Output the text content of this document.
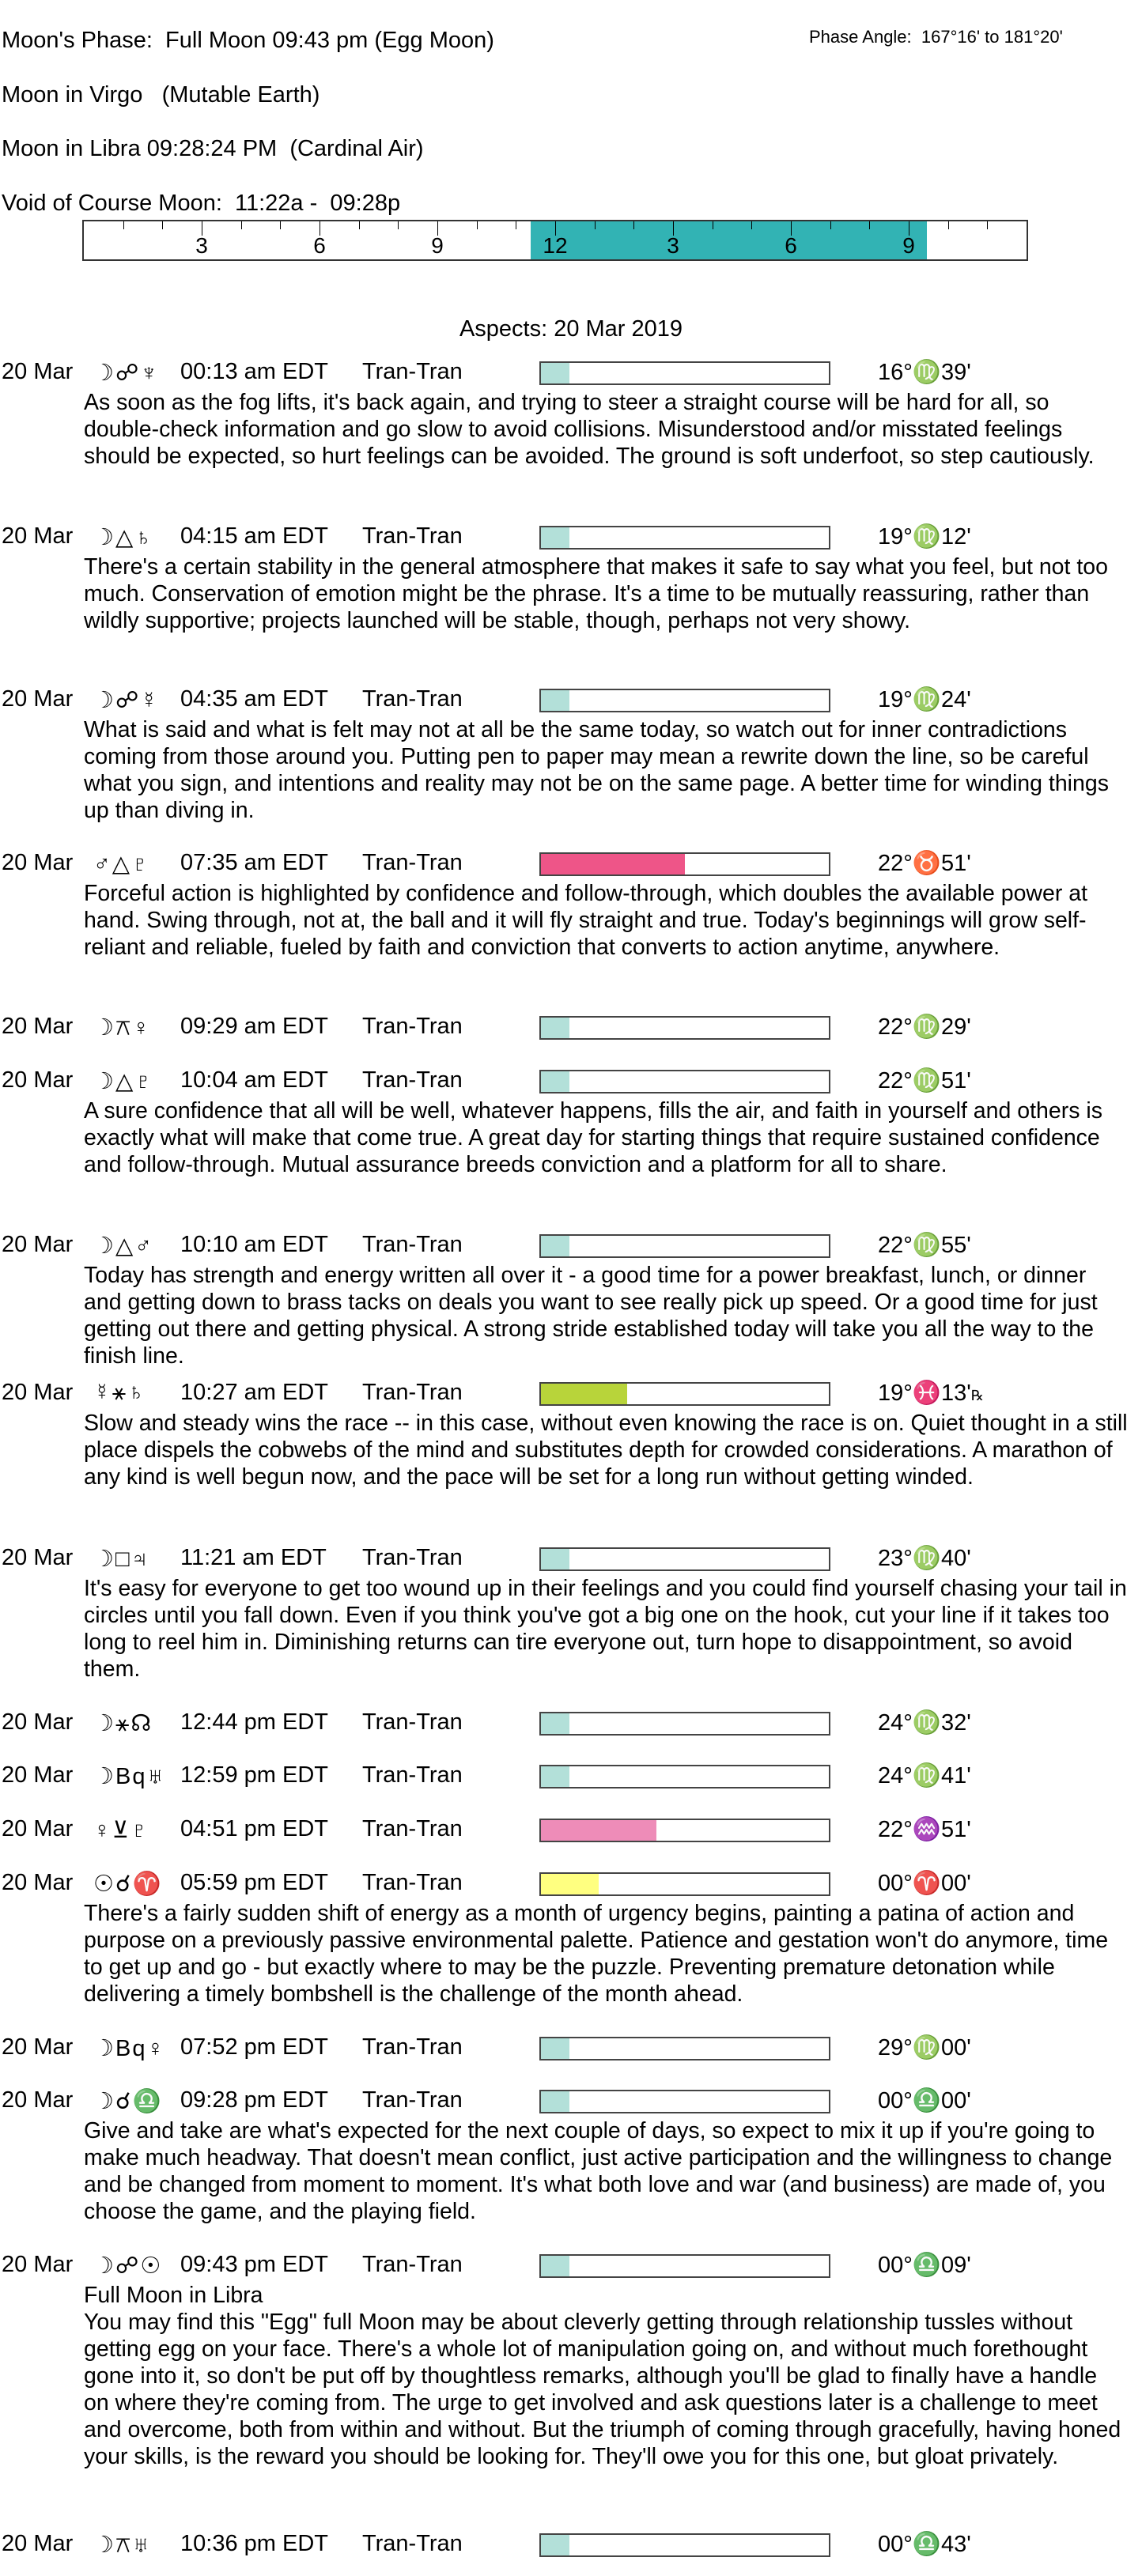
Moon's Phase:  Full Moon 09:43 pm (Egg Moon)	Phase Angle:  167°16' to 181°20'
Moon in Virgo   (Mutable Earth)
Moon in Libra 09:28:24 PM  (Cardinal Air)
Void of Course Moon:  11:22a -  09:28p
3	6	9	12	3	6	9
Aspects: 20 Mar 2019
20 Mar ☽☍♆ 00:13 am EDT Tran-Tran	16°♍39'
As soon as the fog lifts, it's back again, and trying to steer a straight course will be hard for all, so double-check information and go slow to avoid collisions. Misunderstood and/or misstated feelings should be expected, so hurt feelings can be avoided. The ground is soft underfoot, so step cautiously.
20 Mar ☽△♄ 04:15 am EDT Tran-Tran	19°♍12'
There's a certain stability in the general atmosphere that makes it safe to say what you feel, but not too much. Conservation of emotion might be the phrase. It's a time to be mutually reassuring, rather than wildly supportive; projects launched will be stable, though, perhaps not very showy.
20 Mar ☽☍☿ 04:35 am EDT Tran-Tran	19°♍24'
What is said and what is felt may not at all be the same today, so watch out for inner contradictions coming from those around you. Putting pen to paper may mean a rewrite down the line, so be careful what you sign, and intentions and reality may not be on the same page. A better time for winding things up than diving in.
20 Mar ♂△♇ 07:35 am EDT Tran-Tran	22°♉51'
Forceful action is highlighted by confidence and follow-through, which doubles the available power at hand. Swing through, not at, the ball and it will fly straight and true. Today's beginnings will grow self-reliant and reliable, fueled by faith and conviction that converts to action anytime, anywhere.
20 Mar ☽⚻♀ 09:29 am EDT Tran-Tran	22°♍29'
20 Mar ☽△♇ 10:04 am EDT Tran-Tran	22°♍51'
A sure confidence that all will be well, whatever happens, fills the air, and faith in yourself and others is exactly what will make that come true. A great day for starting things that require sustained confidence and follow-through. Mutual assurance breeds conviction and a platform for all to share.
20 Mar ☽△♂ 10:10 am EDT Tran-Tran	22°♍55'
Today has strength and energy written all over it - a good time for a power breakfast, lunch, or dinner and getting down to brass tacks on deals you want to see really pick up speed. Or a good time for just getting out there and getting physical. A strong stride established today will take you all the way to the finish line.
20 Mar ☿⚹♄ 10:27 am EDT Tran-Tran	19°♓13'℞
Slow and steady wins the race -- in this case, without even knowing the race is on. Quiet thought in a still place dispels the cobwebs of the mind and substitutes depth for crowded considerations. A marathon of any kind is well begun now, and the pace will be set for a long run without getting winded.
20 Mar ☽□♃ 11:21 am EDT Tran-Tran	23°♍40'
It's easy for everyone to get too wound up in their feelings and you could find yourself chasing your tail in circles until you fall down. Even if you think you've got a big one on the hook, cut your line if it takes too long to reel him in. Diminishing returns can tire everyone out, turn hope to disappointment, so avoid them.
20 Mar ☽⚹☊ 12:44 pm EDT Tran-Tran	24°♍32'
20 Mar ☽Bq♅ 12:59 pm EDT Tran-Tran	24°♍41'
20 Mar ♀⊻♇ 04:51 pm EDT Tran-Tran	22°♒51'
20 Mar ☉☌♈ 05:59 pm EDT Tran-Tran	00°♈00'
There's a fairly sudden shift of energy as a month of urgency begins, painting a patina of action and purpose on a previously passive environmental palette. Patience and gestation won't do anymore, time to get up and go - but exactly where to may be the puzzle. Preventing premature detonation while delivering a timely bombshell is the challenge of the month ahead.
20 Mar ☽Bq♀ 07:52 pm EDT Tran-Tran	29°♍00'
20 Mar ☽☌♎ 09:28 pm EDT Tran-Tran	00°♎00'
Give and take are what's expected for the next couple of days, so expect to mix it up if you're going to make much headway. That doesn't mean conflict, just active participation and the willingness to change and be changed from moment to moment. It's what both love and war (and business) are made of, you choose the game, and the playing field.
20 Mar ☽☍☉ 09:43 pm EDT Tran-Tran	00°♎09'
Full Moon in Libra
You may find this "Egg" full Moon may be about cleverly getting through relationship tussles without getting egg on your face. There's a whole lot of manipulation going on, and without much forethought gone into it, so don't be put off by thoughtless remarks, although you'll be glad to finally have a handle on where they're coming from. The urge to get involved and ask questions later is a challenge to meet and overcome, both from within and without. But the triumph of coming through gracefully, having honed your skills, is the reward you should be looking for. They'll owe you for this one, but gloat privately.
20 Mar ☽⚻♅ 10:36 pm EDT Tran-Tran	00°♎43'
